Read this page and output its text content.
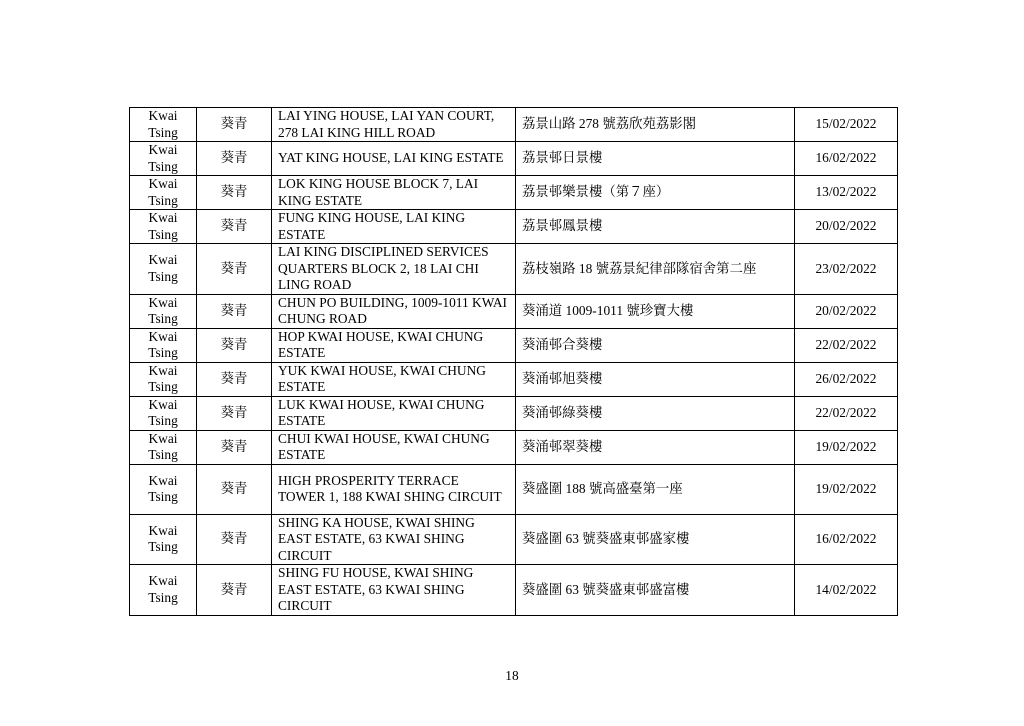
Kwai Tsing	葵青	LAI YING HOUSE, LAI YAN COURT, 278 LAI KING HILL ROAD	荔景山路 278 號荔欣苑荔影閣	15/02/2022
Kwai Tsing	葵青	YAT KING HOUSE, LAI KING ESTATE	荔景邨日景樓	16/02/2022
Kwai Tsing	葵青	LOK KING HOUSE BLOCK 7, LAI KING ESTATE	荔景邨樂景樓（第７座）	13/02/2022
Kwai Tsing	葵青	FUNG KING HOUSE, LAI KING ESTATE	荔景邨鳳景樓	20/02/2022
Kwai Tsing	葵青	LAI KING DISCIPLINED SERVICES QUARTERS BLOCK 2, 18 LAI CHI LING ROAD	荔枝嶺路 18 號荔景紀律部隊宿舍第二座	23/02/2022
Kwai Tsing	葵青	CHUN PO BUILDING, 1009-1011 KWAI CHUNG ROAD	葵涌道 1009-1011 號珍寶大樓	20/02/2022
Kwai Tsing	葵青	HOP KWAI HOUSE, KWAI CHUNG ESTATE	葵涌邨合葵樓	22/02/2022
Kwai Tsing	葵青	YUK KWAI HOUSE, KWAI CHUNG ESTATE	葵涌邨旭葵樓	26/02/2022
Kwai Tsing	葵青	LUK KWAI HOUSE, KWAI CHUNG ESTATE	葵涌邨綠葵樓	22/02/2022
Kwai Tsing	葵青	CHUI KWAI HOUSE, KWAI CHUNG ESTATE	葵涌邨翠葵樓	19/02/2022
Kwai Tsing	葵青	HIGH PROSPERITY TERRACE TOWER 1, 188 KWAI SHING CIRCUIT	葵盛圍 188 號高盛臺第一座	19/02/2022
Kwai Tsing	葵青	SHING KA HOUSE, KWAI SHING EAST ESTATE, 63 KWAI SHING CIRCUIT	葵盛圍 63 號葵盛東邨盛家樓	16/02/2022
Kwai Tsing	葵青	SHING FU HOUSE, KWAI SHING EAST ESTATE, 63 KWAI SHING CIRCUIT	葵盛圍 63 號葵盛東邨盛富樓	14/02/2022
18
